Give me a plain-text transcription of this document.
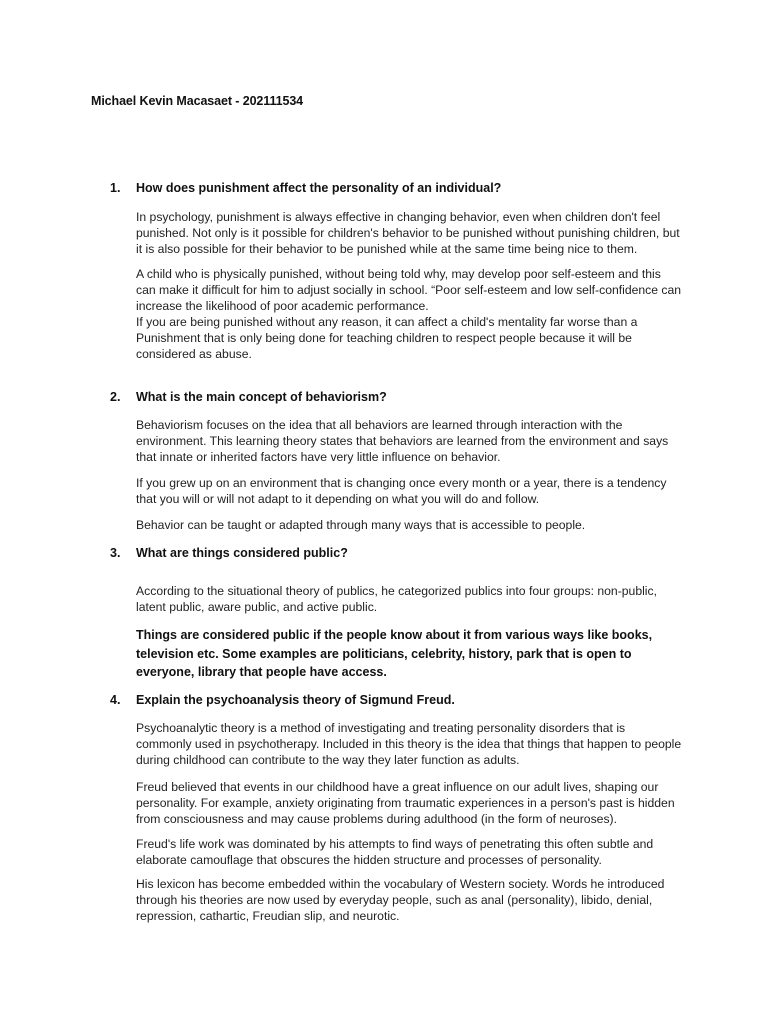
Michael Kevin Macasaet - 202111534
1. How does punishment affect the personality of an individual?

In psychology, punishment is always effective in changing behavior, even when children don't feel punished. Not only is it possible for children's behavior to be punished without punishing children, but it is also possible for their behavior to be punished while at the same time being nice to them.

A child who is physically punished, without being told why, may develop poor self-esteem and this can make it difficult for him to adjust socially in school. “Poor self-esteem and low self-confidence can increase the likelihood of poor academic performance.

If you are being punished without any reason, it can affect a child's mentality far worse than a Punishment that is only being done for teaching children to respect people because it will be considered as abuse.

2. What is the main concept of behaviorism?

Behaviorism focuses on the idea that all behaviors are learned through interaction with the environment. This learning theory states that behaviors are learned from the environment and says that innate or inherited factors have very little influence on behavior.

If you grew up on an environment that is changing once every month or a year, there is a tendency that you will or will not adapt to it depending on what you will do and follow.

Behavior can be taught or adapted through many ways that is accessible to people.

3. What are things considered public?

According to the situational theory of publics, he categorized publics into four groups: non-public, latent public, aware public, and active public.

Things are considered public if the people know about it from various ways like books, television etc. Some examples are politicians, celebrity, history, park that is open to everyone, library that people have access.

4. Explain the psychoanalysis theory of Sigmund Freud.

Psychoanalytic theory is a method of investigating and treating personality disorders that is commonly used in psychotherapy. Included in this theory is the idea that things that happen to people during childhood can contribute to the way they later function as adults.

Freud believed that events in our childhood have a great influence on our adult lives, shaping our personality. For example, anxiety originating from traumatic experiences in a person's past is hidden from consciousness and may cause problems during adulthood (in the form of neuroses).

Freud's life work was dominated by his attempts to find ways of penetrating this often subtle and elaborate camouflage that obscures the hidden structure and processes of personality.

His lexicon has become embedded within the vocabulary of Western society. Words he introduced through his theories are now used by everyday people, such as anal (personality), libido, denial, repression, cathartic, Freudian slip, and neurotic.
